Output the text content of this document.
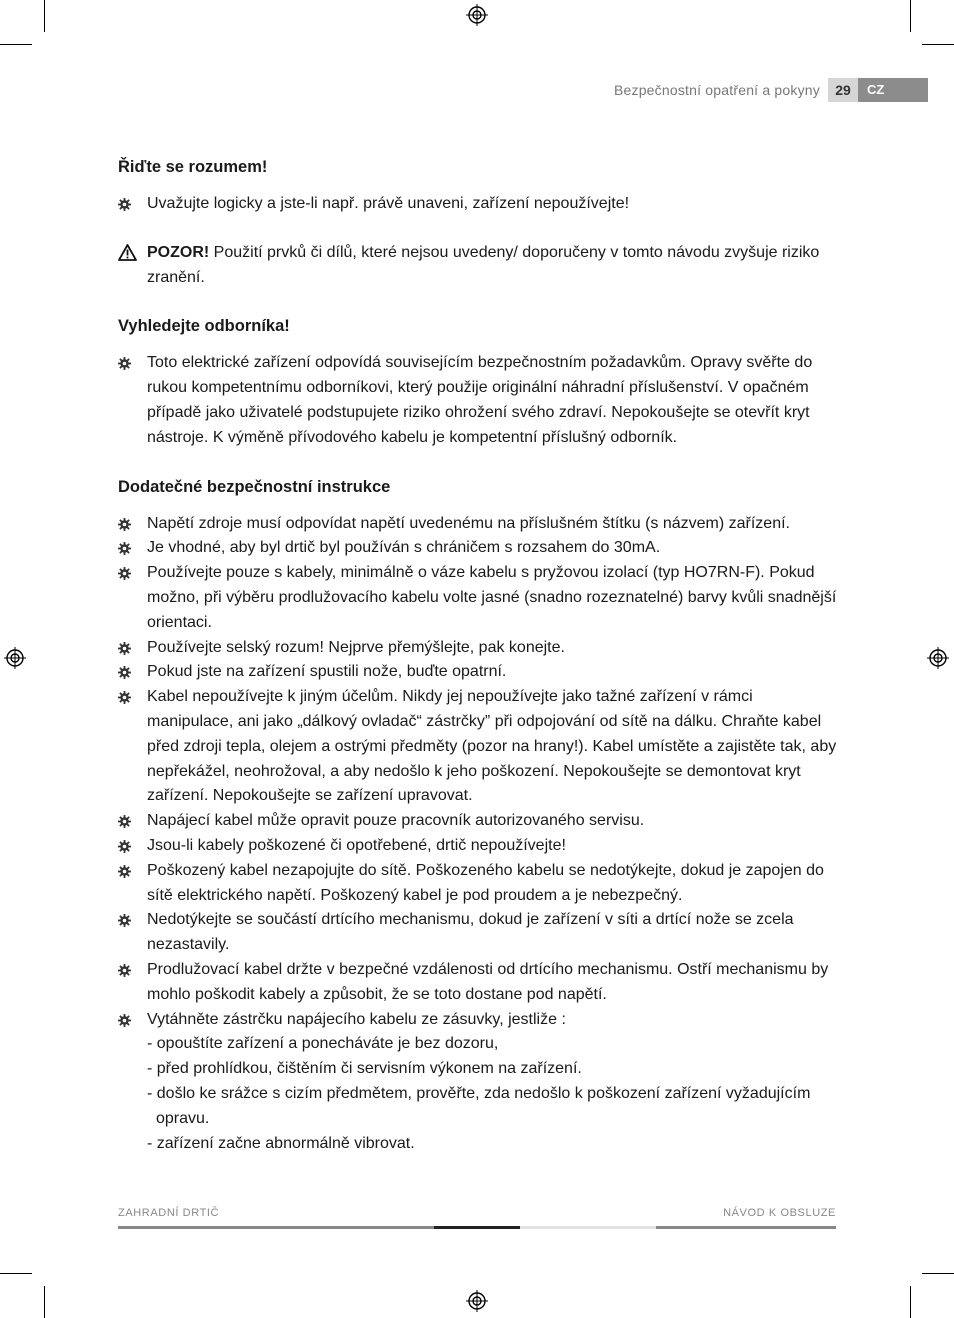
Bezpečnostní opatření a pokyny	29	CZ
Řiďte se rozumem!
Uvažujte logicky a jste-li např. právě unaveni, zařízení nepoužívejte!
POZOR! Použití prvků či dílů, které nejsou uvedeny/ doporučeny v tomto návodu zvyšuje riziko zranění.
Vyhledejte odborníka!
Toto elektrické zařízení odpovídá souvisejícím bezpečnostním požadavkům. Opravy svěřte do rukou kompetentnímu odborníkovi, který použije originální náhradní příslušenství. V opačném případě jako uživatelé podstupujete riziko ohrožení svého zdraví. Nepokoušejte se otevřít kryt nástroje. K výměně přívodového kabelu je kompetentní příslušný odborník.
Dodatečné bezpečnostní instrukce
Napětí zdroje musí odpovídat napětí uvedenému na příslušném štítku (s názvem) zařízení.
Je vhodné, aby byl drtič byl používán s chráničem s rozsahem do 30mA.
Používejte pouze s kabely, minimálně o váze kabelu s pryžovou izolací (typ HO7RN-F). Pokud možno, při výběru prodlužovacího kabelu volte jasné (snadno rozeznatelné) barvy kvůli snadnější orientaci.
Používejte selský rozum! Nejprve přemýšlejte, pak konejte.
Pokud jste na zařízení spustili nože, buďte opatrní.
Kabel nepoužívejte k jiným účelům. Nikdy jej nepoužívejte jako tažné zařízení v rámci manipulace, ani jako „dálkový ovladač“ zástrčky” při odpojování od sítě na dálku. Chraňte kabel před zdroji tepla, olejem a ostrými předměty (pozor na hrany!). Kabel umístěte a zajistěte tak, aby nepřekážel, neohrožoval, a aby nedošlo k jeho poškození. Nepokoušejte se demontovat kryt zařízení. Nepokoušejte se zařízení upravovat.
Napájecí kabel může opravit pouze pracovník autorizovaného servisu.
Jsou-li kabely poškozené či opotřebené, drtič nepoužívejte!
Poškozený kabel nezapojujte do sítě. Poškozeného kabelu se nedotýkejte, dokud je zapojen do sítě elektrického napětí. Poškozený kabel je pod proudem a je nebezpečný.
Nedotýkejte se součástí drtícího mechanismu, dokud je zařízení v síti a drtící nože se zcela nezastavily.
Prodlužovací kabel držte v bezpečné vzdálenosti od drtícího mechanismu. Ostří mechanismu by mohlo poškodit kabely a způsobit, že se toto dostane pod napětí.
Vytáhněte zástrčku napájecího kabelu ze zásuvky, jestliže :
- opouštíte zařízení a ponecháváte je bez dozoru,
- před prohlídkou, čištěním či servisním výkonem na zařízení.
- došlo ke srážce s cizím předmětem, prověřte, zda nedošlo k poškození zařízení vyžadujícím opravu.
- zařízení začne abnormálně vibrovat.
ZAHRADNÍ DRTIČ	NÁVOD K OBSLUZE
